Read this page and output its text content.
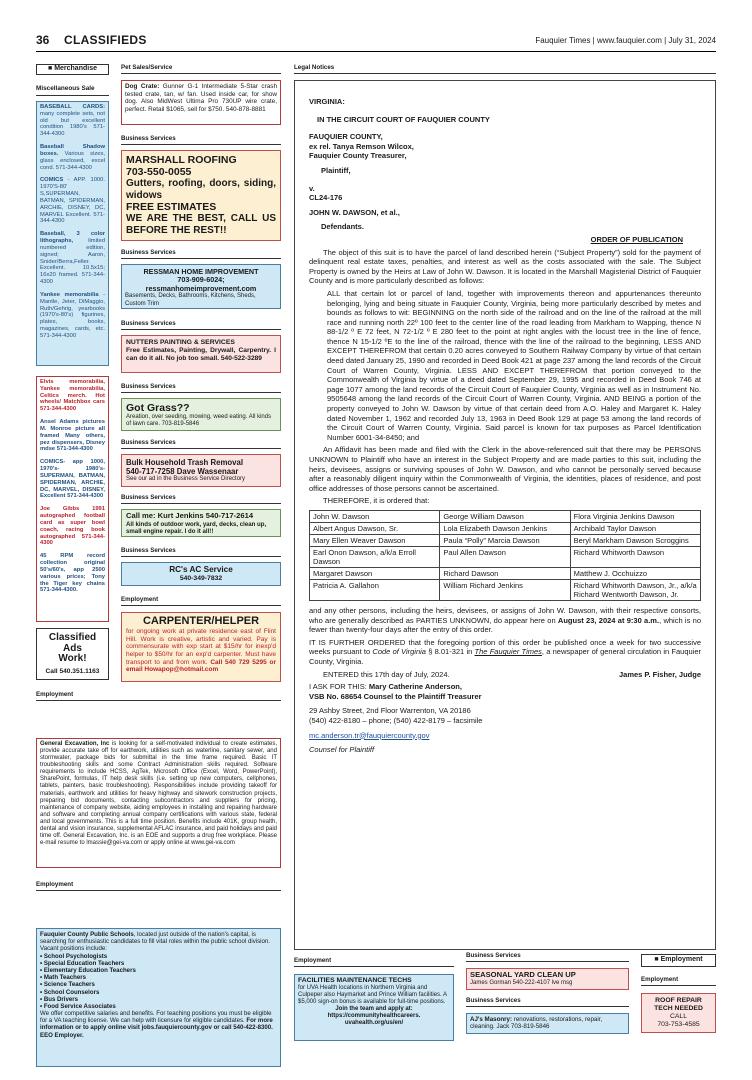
36 CLASSIFIEDS	Fauquier Times | www.fauquier.com | July 31, 2024
■ Merchandise
Miscellaneous Sale
BASEBALL CARDS: many complete sets, not old but excellent condition 1980's 571-344-4300
Baseball Shadow boxes. Various sizes, glass enclosed, excel cond. 571-344-4300
COMICS - APP. 1000. 1970'S-80' S,SUPERMAN, BATMAN, SPIDERMAN, ARCHIE, DISNEY, DC, MARVEL Excellent. 571-344-4300
Baseball, 3 color lithographs, limited numbered edition, signed; Aaron, Snider/Berra,Feller. Excellent. 10.5x15; 16x20 framed. 571-344-4300
Yankee memorabilia - Mantle, Jeter, DiMaggio, Ruth/Gehrig, yearbooks (1970's-80's) figurines, plates, books, magazines, cards, etc. 571-344-4300
Elvis memorabilia, Yankee memorabilia, Celtics merch. Hot wheels/ Matchbox cars 571-344-4300
Ansel Adams pictures M. Monroe picture all framed Many others, pez dispensers, Disney mdse 571-344-4300
COMICS- app 1000, 1970's- 1980's- SUPERMAN, BATMAN, SPIDERMAN, ARCHIE, DC, MARVEL, DISNEY, Excellent 571-344-4300
Joe Gibbs 1991 autographed football card as super bowl coach, racing book autographed 571-344-4300
45 RPM record collection original 50's/60's, app 2500 various prices; Tony the Tiger key chains 571-344-4300.
Classified
Ads
Work!
Call 540.351.1163
Pet Sales/Service
Dog Crate: Gunner G-1 Intermediate 5-Star crash tested crate, tan, w/ fan. Used inside car, for show dog. Also MidWest Ultima Pro 730UP wire crate, perfect. Retail $1065, sell for $750. 540-878-8881
Business Services
MARSHALL ROOFING
703-550-0055
Gutters, roofing, doors, siding, widows
FREE ESTIMATES
WE ARE THE BEST, CALL US BEFORE THE REST!!
Business Services
RESSMAN HOME IMPROVEMENT
703-909-6024;
ressmanhomeimprovement.com
Basements, Decks, Bathrooms, Kitchens, Sheds, Custom Trim
Business Services
NUTTERS PAINTING & SERVICES
Free Estimates, Painting, Drywall, Carpentry. I can do it all. No job too small. 540-522-3289
Business Services
Got Grass??
Areation, over seeding, mowing, weed eating. All kinds of lawn care. 703-819-5846
Business Services
Bulk Household Trash Removal
540-717-7258 Dave Wassenaar
See our ad in the Business Service Directory
Business Services
Call me: Kurt Jenkins 540-717-2614
All kinds of outdoor work, yard, decks, clean up, small engine repair. I do it all!!
Business Services
RC's AC Service
540-349-7832
Employment
CARPENTER/HELPER
for ongoing work at private residence east of Flint Hill. Work is creative, artistic and varied. Pay is commensurate with exp start at $15/hr for inexp'd helper to $50/hr for an exp'd carpenter. Must have transport to and from work. Call 540 729 5295 or email Howapop@hotmail.com
Employment
General Excavation, Inc is looking for a self-motivated individual to create estimates, provide accurate take off for earthwork, utilities such as waterline, sanitary sewer, and stormwater, package bids for submittal in the time frame required. Basic IT troubleshooting skills and some Contract Administration skills required. Software requirements to include HCSS, AgTek, Microsoft Office (Excel, Word, PowerPoint), SharePoint, formulas, IT help desk skills (i.e. setting up new computers, cellphones, tablets, painters, basic troubleshooting). Responsibilities include providing takeoff for materials, earthwork and utilities for heavy highway and sitework construction projects, preparing bid documents, contacting subcontractors and suppliers for pricing, maintenance of company website, aiding employees in installing and repairing hardware and software and completing annual company certifications with various state, federal and local governments. This is a full time position. Benefits include 401K, group health, dental and vision insurance, supplemental AFLAC insurance, and paid holidays and paid time off. General Excavation, Inc. is an EOE and supports a drug free workplace. Please e-mail resume to lmassie@gei-va.com or apply online at www.gei-va.com
Employment
Fauquier County Public Schools, located just outside of the nation's capital, is searching for enthusiastic candidates to fill vital roles within the public school division. Vacant positions include:
• School Psychologists
• Special Education Teachers
• Elementary Education Teachers
• Math Teachers
• Science Teachers
• School Counselors
• Bus Drivers
• Food Service Associates
We offer competitive salaries and benefits. For teaching positions you must be eligible for a VA teaching license. We can help with licensure for eligible candidates. For more information or to apply online visit jobs.fauquiercounty.gov or call 540-422-8300.
EEO Employer.
Legal Notices
VIRGINIA:
IN THE CIRCUIT COURT OF FAUQUIER COUNTY
FAUQUIER COUNTY,
ex rel. Tanya Remson Wilcox,
Fauquier County Treasurer,
Plaintiff,
v.
CL24-176
JOHN W. DAWSON, et al.,
Defendants.
ORDER OF PUBLICATION

The object of this suit is to have the parcel of land described herein (“Subject Property”) sold for the payment of delinquent real estate taxes, penalties, and interest as well as the costs associated with the sale. The Subject Property is owned by the Heirs at Law of John W. Dawson. It is located in the Marshall Magisterial District of Fauquier County and is more particularly described as follows:

ALL that certain lot or parcel of land, together with improvements thereon and appurtenances thereunto belonging, lying and being situate in Fauquier County, Virginia, being more particularly described by metes and bounds as follows to wit: BEGINNING on the north side of the railroad and on the line of the railroad at the mill race and running north 22º 100 feet to the center line of the road leading from Markham to Wapping, thence N 88-1/2 º E 72 feet, N 72-1/2 º E 280 feet to the point at right angles with the locust tree in the line of fence, thence N 15-1/2 ºE to the line of the railroad, thence with the line of the railroad to the beginning, LESS AND EXCEPT THEREFROM that certain 0.20 acres conveyed to Southern Railway Company by virtue of that certain deed dated January 25, 1990 and recorded in Deed Book 421 at page 237 among the land records of the Circuit Court of Warren County, Virginia. LESS AND EXCEPT THEREFROM that portion conveyed to the Commonwealth of Virginia by virtue of a deed dated September 29, 1995 and recorded in Deed Book 746 at page 1077 among the land records of the Circuit Court of Fauquier County, Virginia as well as in Instrument No. 9505648 among the land records of the Circuit Court of Warren County, Virginia. AND BEING a portion of the property conveyed to John W. Dawson by virtue of that certain deed from A.O. Haley and Margaret K. Haley dated November 1, 1962 and recorded July 13, 1963 in Deed Book 129 at page 53 among the land records of the Circuit Court of Warren County, Virginia. Said parcel is known for tax purposes as Parcel Identification Number 6001-34-8450; and

An Affidavit has been made and filed with the Clerk in the above-referenced suit that there may be PERSONS UNKNOWN to Plaintiff who have an interest in the Subject Property and are made parties to this suit, including the heirs, devisees, assigns or surviving spouses of John W. Dawson, and who cannot be personally served because after a reasonably diligent inquiry within the Commonwealth of Virginia, the identities, places of residence, and post office addresses of those persons cannot be ascertained.

THEREFORE, it is ordered that:

John W. Dawson	George William Dawson	Flora Virginia Jenkins Dawson
Albert Angus Dawson, Sr.	Lola Elizabeth Dawson Jenkins	Archibald Taylor Dawson
Mary Ellen Weaver Dawson	Paula “Polly” Marcia Dawson	Beryl Markham Dawson Scroggins
Earl Onon Dawson, a/k/a Erroll Dawson	Paul Allen Dawson	Richard Whitworth Dawson
Margaret Dawson	Richard Dawson	Matthew J. Occhuizzo
Patricia A. Gallahon	William Richard Jenkins	Richard Whitworth Dawson, Jr., a/k/a Richard Wentworth Dawson, Jr.

and any other persons, including the heirs, devisees, or assigns of John W. Dawson, with their respective consorts, who are generally described as PARTIES UNKNOWN, do appear here on August 23, 2024 at 9:30 a.m., which is no fewer than twenty-four days after the entry of this order.

IT IS FURTHER ORDERED that the foregoing portion of this order be published once a week for two successive weeks pursuant to Code of Virginia § 8.01-321 in The Fauquier Times, a newspaper of general circulation in Fauquier County, Virginia.

ENTERED this 17th day of July, 2024.	James P. Fisher, Judge
I ASK FOR THIS: Mary Catherine Anderson,
VSB No. 68654 Counsel to the Plaintiff Treasurer
29 Ashby Street, 2nd Floor Warrenton, VA 20186
(540) 422-8180 – phone; (540) 422-8179 – facsimile
mc.anderson.tr@fauquiercounty.gov
Counsel for Plaintiff
Employment
FACILITIES MAINTENANCE TECHS
for UVA Health locations in Northern Virginia and Culpeper also Haymarket and Prince William facilities. A $5,000 sign-on bonus is available for full-time positions.
Join the team and apply at:
https://communityhealthcareers.
uvahealth.org/us/en/
Business Services
SEASONAL YARD CLEAN UP
James Gorman 540-222-4107 lve msg
Business Services
AJ's Masonry: renovations, restorations, repair, cleaning. Jack 703-819-5846
■ Employment
Employment
ROOF REPAIR
TECH NEEDED
CALL
703-753-4585
